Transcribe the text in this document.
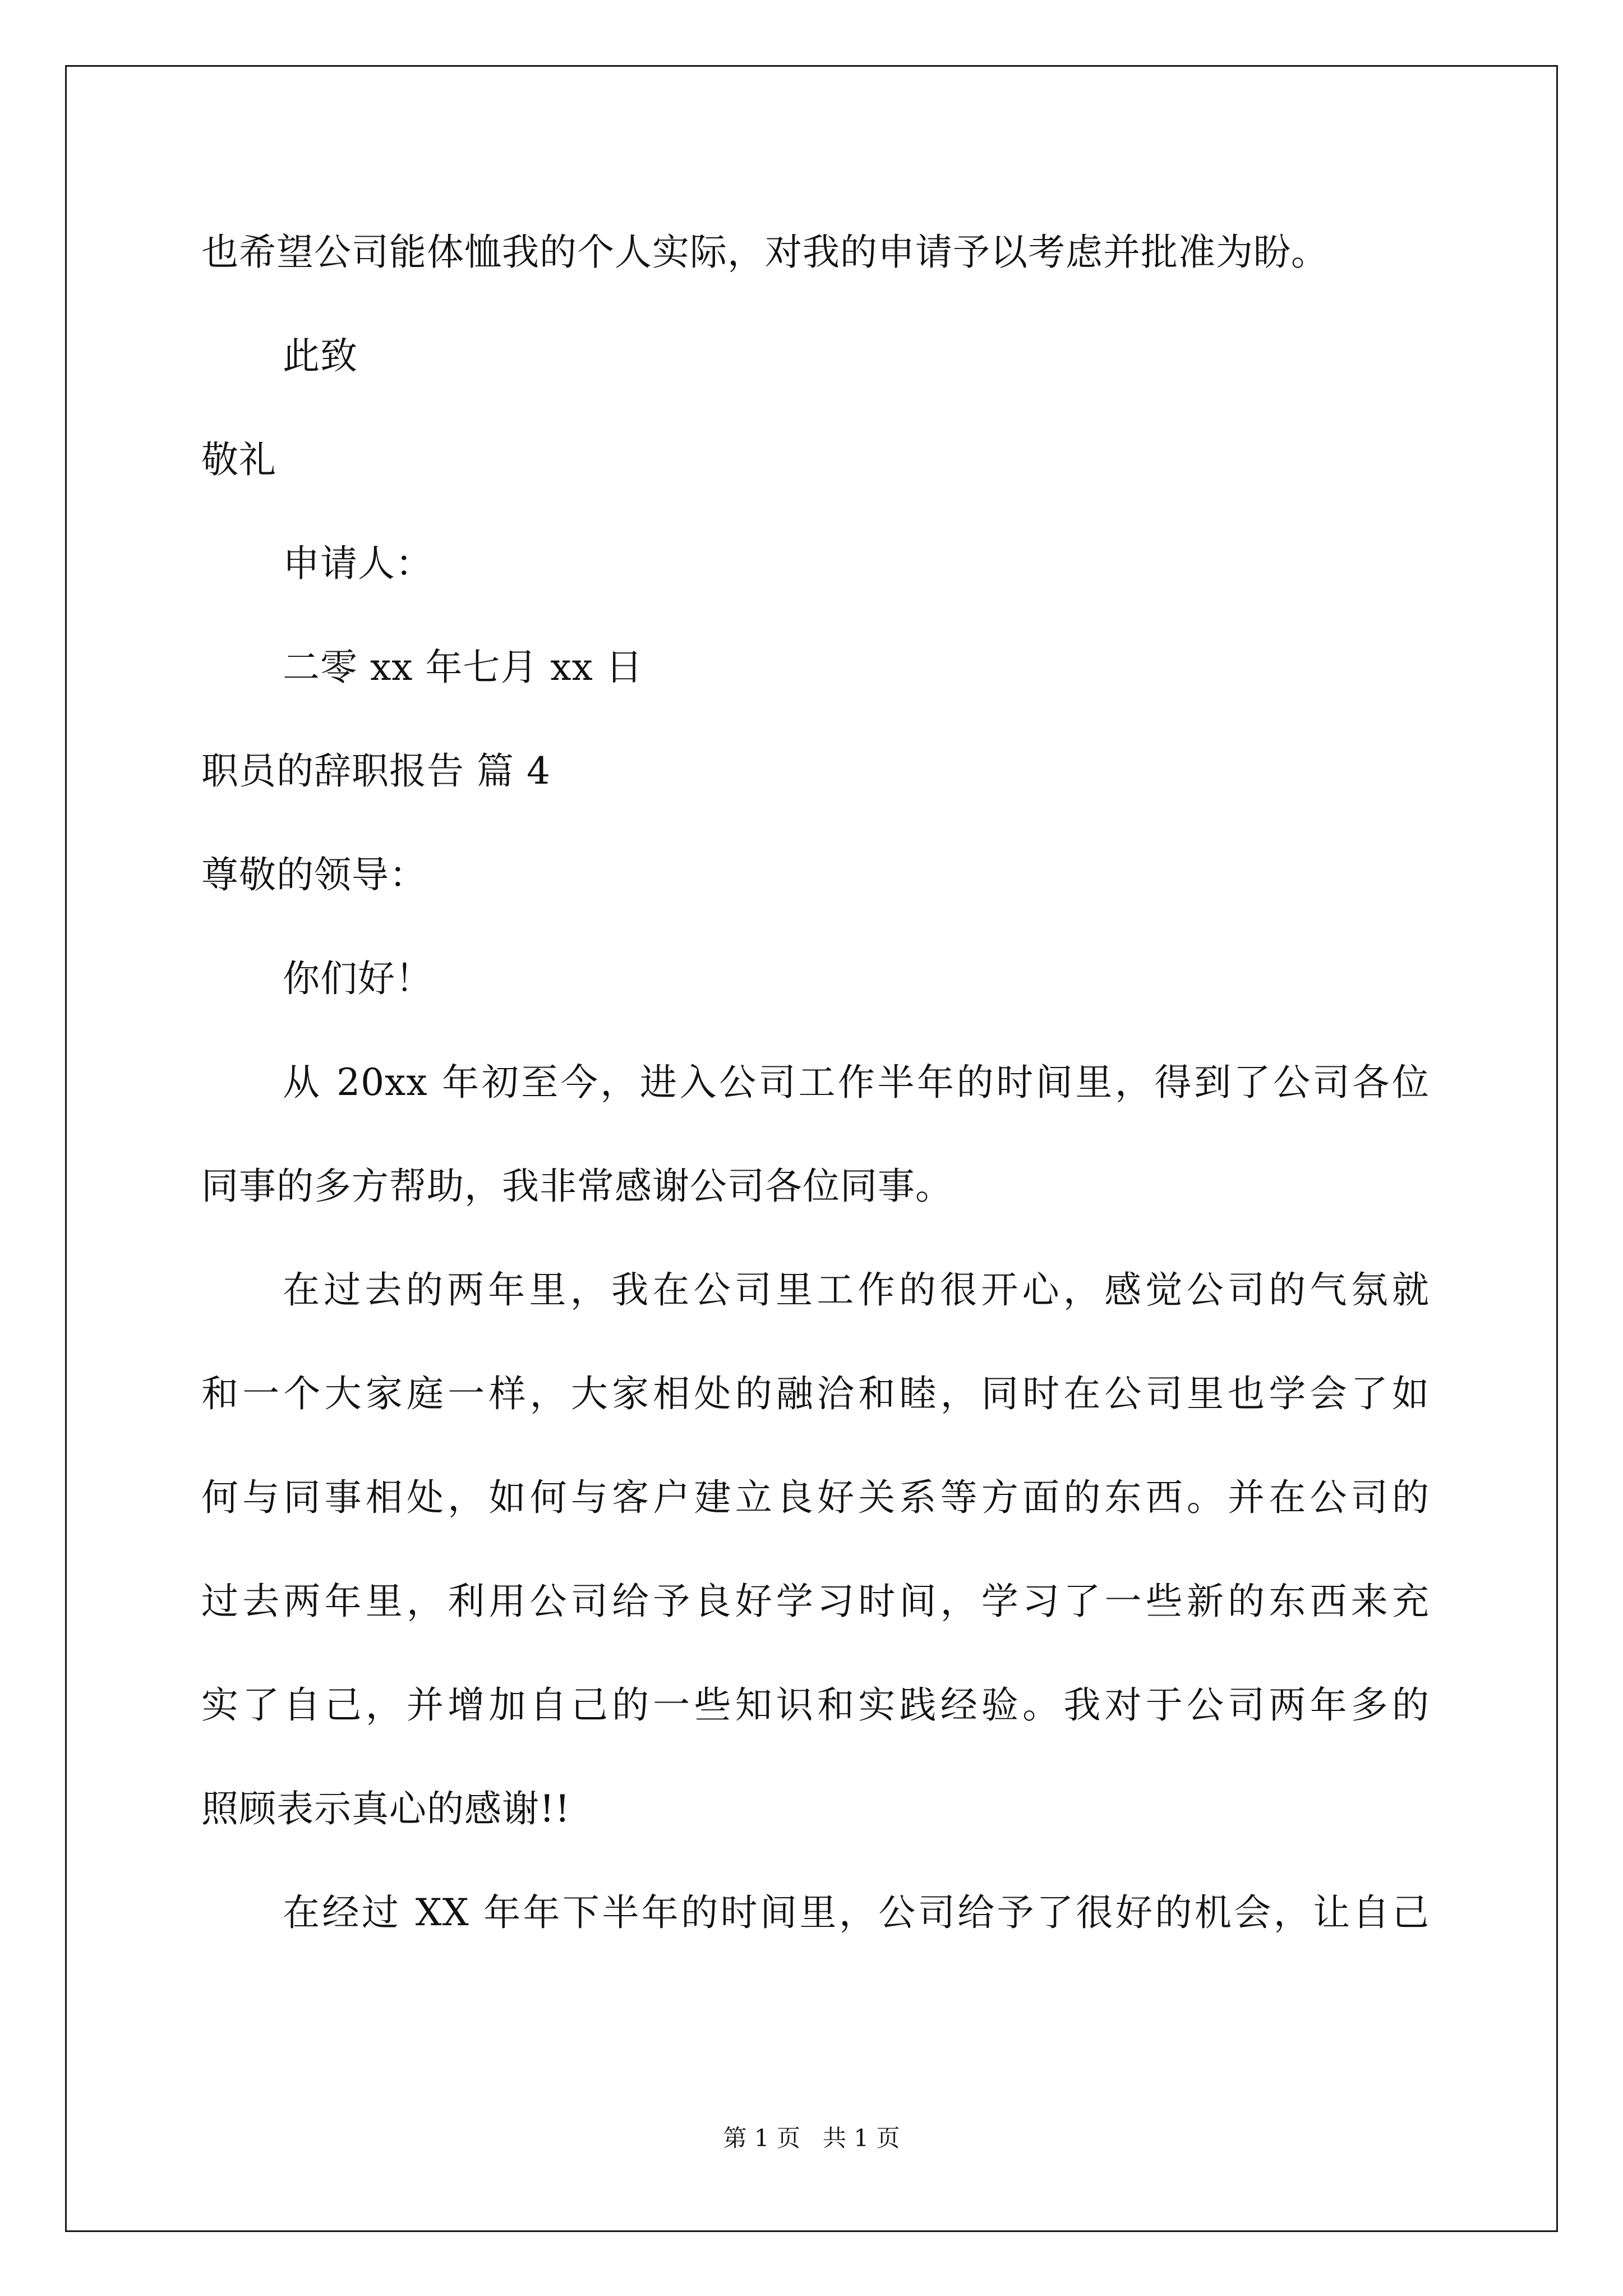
也希望公司能体恤我的个人实际，对我的申请予以考虑并批准为盼。
此致
敬礼
申请人：
二零 xx 年七月 xx 日
职员的辞职报告 篇 4
尊敬的领导：
你们好！
从 20xx 年初至今，进入公司工作半年的时间里，得到了公司各位
同事的多方帮助，我非常感谢公司各位同事。
在过去的两年里，我在公司里工作的很开心，感觉公司的气氛就
和一个大家庭一样，大家相处的融洽和睦，同时在公司里也学会了如
何与同事相处，如何与客户建立良好关系等方面的东西。并在公司的
过去两年里，利用公司给予良好学习时间，学习了一些新的东西来充
实了自己，并增加自己的一些知识和实践经验。我对于公司两年多的
照顾表示真心的感谢!!
在经过 XX 年年下半年的时间里，公司给予了很好的机会，让自己
第 1 页   共 1 页
